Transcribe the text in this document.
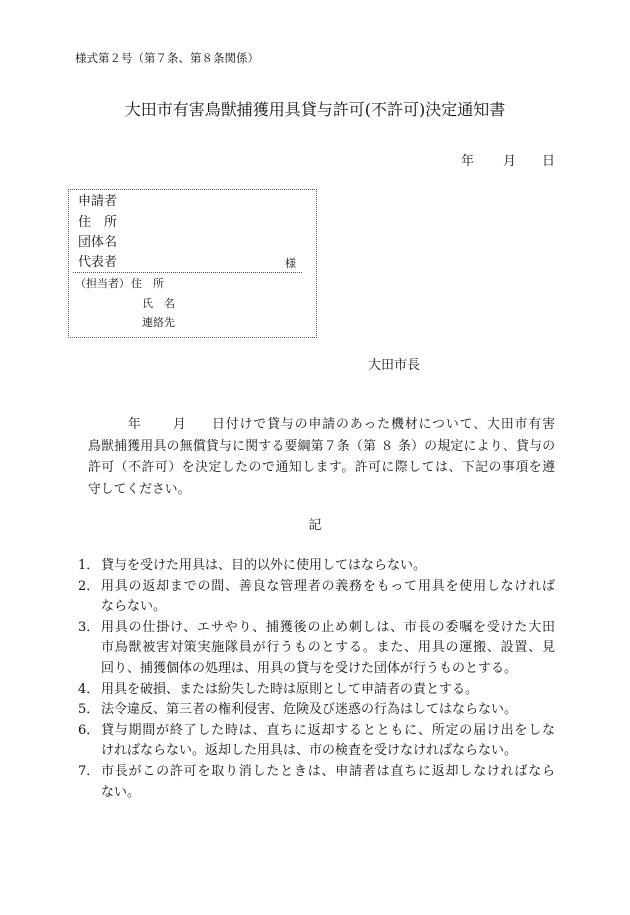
様式第２号（第７条、第８条関係）
大田市有害鳥獣捕獲用具貸与許可(不許可)決定通知書
年 月 日
申請者
住　所
団体名
代表者	様
（担当者） 住　所
氏　名
連絡先
大田市長
年	月 日付けで貸与の申請のあった機材について、大田市有害
鳥獣捕獲用具の無償貸与に関する要綱第７条（第 ８ 条）の規定により、貸与の
許可（不許可）を決定したので通知します。許可に際しては、下記の事項を遵
守してください。
記
1． 貸与を受けた用具は、目的以外に使用してはならない。
2． 用具の返却までの間、善良な管理者の義務をもって用具を使用しなければ
ならない。
3． 用具の仕掛け、エサやり、捕獲後の止め刺しは、市長の委嘱を受けた大田
市鳥獣被害対策実施隊員が行うものとする。また、用具の運搬、設置、見
回り、捕獲個体の処理は、用具の貸与を受けた団体が行うものとする。
4． 用具を破損、または紛失した時は原則として申請者の責とする。
5． 法令違反、第三者の権利侵害、危険及び迷惑の行為はしてはならない。
6． 貸与期間が終了した時は、直ちに返却するとともに、所定の届け出をしな
ければならない。返却した用具は、市の検査を受けなければならない。
7． 市長がこの許可を取り消したときは、申請者は直ちに返却しなければなら
ない。
